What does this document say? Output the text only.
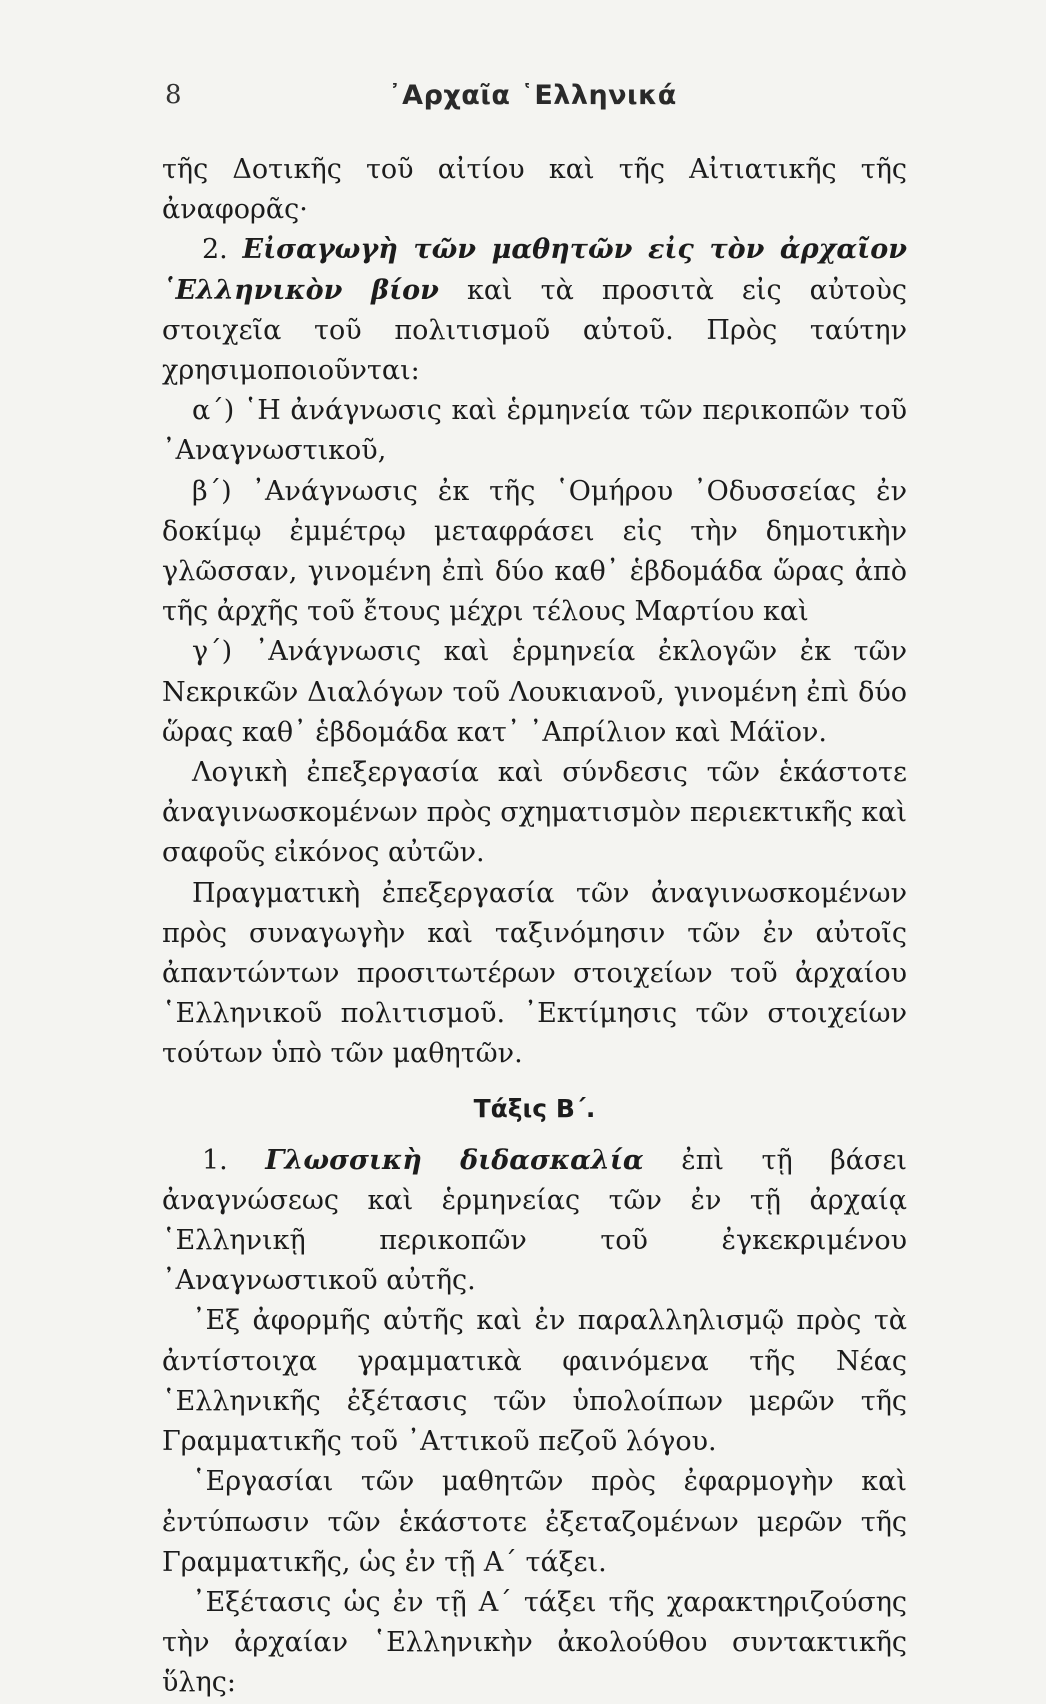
8	᾿Αρχαῖα ῾Ελληνικά

τῆς Δοτικῆς τοῦ αἰτίου καὶ τῆς Αἰτιατικῆς τῆς ἀναφορᾶς·

2. Εἰσαγωγὴ τῶν μαθητῶν εἰς τὸν ἀρχαῖον ῾Ελληνικὸν βίον καὶ τὰ προσιτὰ εἰς αὐτοὺς στοιχεῖα τοῦ πολιτισμοῦ αὐτοῦ. Πρὸς ταύτην χρησιμοποιοῦνται:

α΄) ῾Η ἀνάγνωσις καὶ ἑρμηνεία τῶν περικοπῶν τοῦ ᾿Αναγνωστικοῦ,

β΄) ᾿Ανάγνωσις ἐκ τῆς ῾Ομήρου ᾿Οδυσσείας ἐν δοκίμῳ ἐμμέτρῳ μεταφράσει εἰς τὴν δημοτικὴν γλῶσσαν, γινομένη ἐπὶ δύο καθ᾿ ἑβδομάδα ὥρας ἀπὸ τῆς ἀρχῆς τοῦ ἔτους μέχρι τέλους Μαρτίου καὶ

γ΄) ᾿Ανάγνωσις καὶ ἑρμηνεία ἐκλογῶν ἐκ τῶν Νεκρικῶν Διαλόγων τοῦ Λουκιανοῦ, γινομένη ἐπὶ δύο ὥρας καθ᾿ ἑβδομάδα κατ᾿ ᾿Απρίλιον καὶ Μάϊον.

Λογικὴ ἐπεξεργασία καὶ σύνδεσις τῶν ἑκάστοτε ἀναγινωσκομένων πρὸς σχηματισμὸν περιεκτικῆς καὶ σαφοῦς εἰκόνος αὐτῶν.

Πραγματικὴ ἐπεξεργασία τῶν ἀναγινωσκομένων πρὸς συναγωγὴν καὶ ταξινόμησιν τῶν ἐν αὐτοῖς ἀπαντώντων προσιτωτέρων στοιχείων τοῦ ἀρχαίου ῾Ελληνικοῦ πολιτισμοῦ. ᾿Εκτίμησις τῶν στοιχείων τούτων ὑπὸ τῶν μαθητῶν.

Τάξις Β΄.

1. Γλωσσικὴ διδασκαλία ἐπὶ τῇ βάσει ἀναγνώσεως καὶ ἑρμηνείας τῶν ἐν τῇ ἀρχαίᾳ ῾Ελληνικῇ περικοπῶν τοῦ ἐγκεκριμένου ᾿Αναγνωστικοῦ αὐτῆς.

᾿Εξ ἀφορμῆς αὐτῆς καὶ ἐν παραλληλισμῷ πρὸς τὰ ἀντίστοιχα γραμματικὰ φαινόμενα τῆς Νέας ῾Ελληνικῆς ἐξέτασις τῶν ὑπολοίπων μερῶν τῆς Γραμματικῆς τοῦ ᾿Αττικοῦ πεζοῦ λόγου.

῾Εργασίαι τῶν μαθητῶν πρὸς ἐφαρμογὴν καὶ ἐντύπωσιν τῶν ἑκάστοτε ἐξεταζομένων μερῶν τῆς Γραμματικῆς, ὡς ἐν τῇ Α΄ τάξει.

᾿Εξέτασις ὡς ἐν τῇ Α΄ τάξει τῆς χαρακτηριζούσης τὴν ἀρχαίαν ῾Ελληνικὴν ἀκολούθου συντακτικῆς ὕλης:
